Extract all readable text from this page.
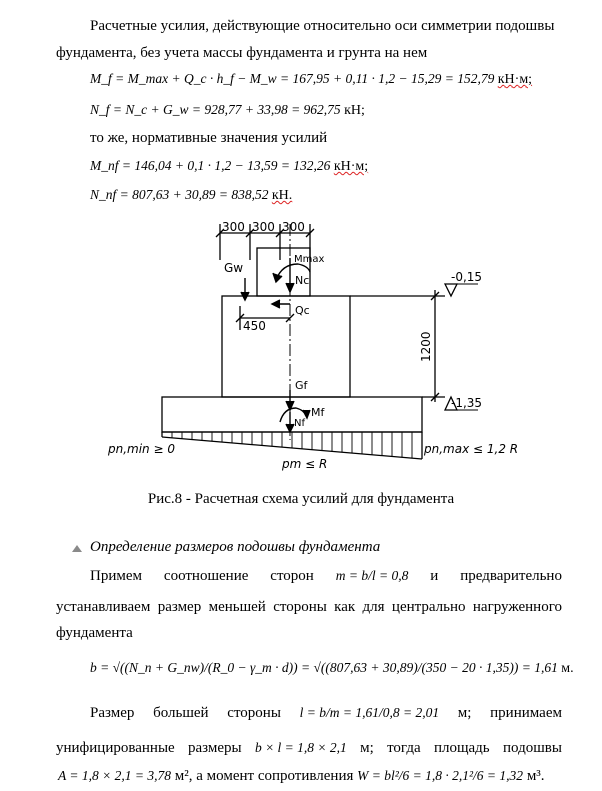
Расчетные усилия, действующие относительно оси симметрии подошвы
фундамента, без учета массы фундамента и грунта на нем
M_f = M_max + Q_c · h_f − M_w = 167,95 + 0,11 · 1,2 − 15,29 = 152,79 кН·м;
N_f = N_c + G_w = 928,77 + 33,98 = 962,75 кН;
то же, нормативные значения усилий
M_nf = 146,04 + 0,1 · 1,2 − 13,59 = 132,26 кН·м;
N_nf = 807,63 + 30,89 = 838,52 кН.
300 300 300
450
1200
-0,15
-1,35
Gw
Mmax
Nc
Qc
Gf
Mf
Nf
pn,min ≥ 0	pn,max ≤ 1,2 R
pm ≤ R
Рис.8 - Расчетная схема усилий для фундамента
Определение размеров подошвы фундамента
Примем соотношение сторон m = b/l = 0,8 и предварительно
устанавливаем размер меньшей стороны как для центрально нагруженного фундамента
b = √((N_n + G_nw)/(R_0 − γ_m · d)) = √((807,63 + 30,89)/(350 − 20 · 1,35)) = 1,61 м.
Размер большей стороны l = b/m = 1,61/0,8 = 2,01 м; принимаем
унифицированные размеры b × l = 1,8 × 2,1 м; тогда площадь подошвы
A = 1,8 × 2,1 = 3,78 м², а момент сопротивления W = bl²/6 = 1,8 · 2,1²/6 = 1,32 м³.
